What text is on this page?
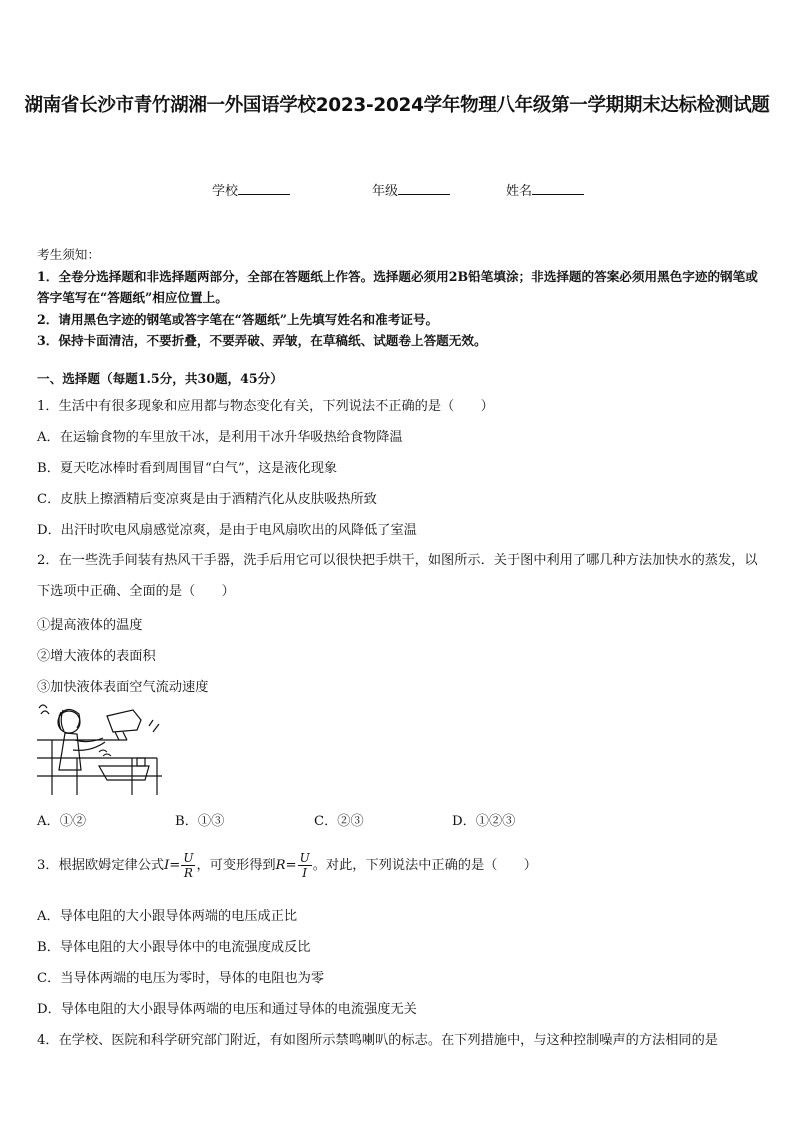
湖南省长沙市青竹湖湘一外国语学校2023-2024学年物理八年级第一学期期末达标检测试题
学校	年级	姓名
考生须知：
1．全卷分选择题和非选择题两部分，全部在答题纸上作答。选择题必须用2B铅笔填涂；非选择题的答案必须用黑色字迹的钢笔或答字笔写在“答题纸”相应位置上。
2．请用黑色字迹的钢笔或答字笔在“答题纸”上先填写姓名和准考证号。
3．保持卡面清洁，不要折叠，不要弄破、弄皱，在草稿纸、试题卷上答题无效。
一、选择题（每题1.5分，共30题，45分）
1．生活中有很多现象和应用都与物态变化有关，下列说法不正确的是（　　）
A．在运输食物的车里放干冰，是利用干冰升华吸热给食物降温
B．夏天吃冰棒时看到周围冒“白气”，这是液化现象
C．皮肤上擦酒精后变凉爽是由于酒精汽化从皮肤吸热所致
D．出汗时吹电风扇感觉凉爽，是由于电风扇吹出的风降低了室温
2．在一些洗手间装有热风干手器，洗手后用它可以很快把手烘干，如图所示．关于图中利用了哪几种方法加快水的蒸发，以下选项中正确、全面的是（　　）
①提高液体的温度
②增大液体的表面积
③加快液体表面空气流动速度
A．①②	B．①③	C．②③	D．①②③
3．根据欧姆定律公式$I= \frac{U}{R}$ ，可变形得到$R= \frac{U}{I}$ 。对此，下列说法中正确的是（　　）
A．导体电阻的大小跟导体两端的电压成正比
B．导体电阻的大小跟导体中的电流强度成反比
C．当导体两端的电压为零时，导体的电阻也为零
D．导体电阻的大小跟导体两端的电压和通过导体的电流强度无关
4．在学校、医院和科学研究部门附近，有如图所示禁鸣喇叭的标志。在下列措施中，与这种控制噪声的方法相同的是
